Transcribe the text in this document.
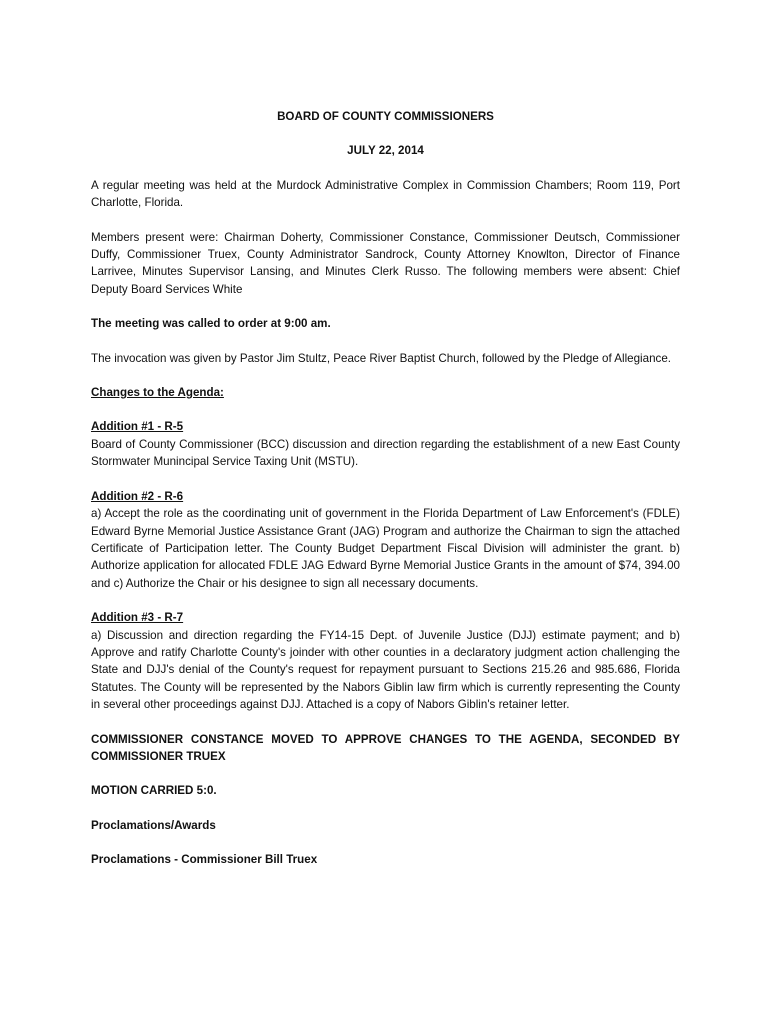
BOARD OF COUNTY COMMISSIONERS
JULY 22, 2014

A regular meeting was held at the Murdock Administrative Complex in Commission Chambers; Room 119, Port Charlotte, Florida.

Members present were: Chairman Doherty, Commissioner Constance, Commissioner Deutsch, Commissioner Duffy, Commissioner Truex, County Administrator Sandrock, County Attorney Knowlton, Director of Finance Larrivee, Minutes Supervisor Lansing, and Minutes Clerk Russo. The following members were absent: Chief Deputy Board Services White

The meeting was called to order at 9:00 am.

The invocation was given by Pastor Jim Stultz, Peace River Baptist Church, followed by the Pledge of Allegiance.

Changes to the Agenda:

Addition #1 - R-5
Board of County Commissioner (BCC) discussion and direction regarding the establishment of a new East County Stormwater Munincipal Service Taxing Unit (MSTU).
Addition #2 - R-6
a) Accept the role as the coordinating unit of government in the Florida Department of Law Enforcement's (FDLE) Edward Byrne Memorial Justice Assistance Grant (JAG) Program and authorize the Chairman to sign the attached Certificate of Participation letter. The County Budget Department Fiscal Division will administer the grant. b) Authorize application for allocated FDLE JAG Edward Byrne Memorial Justice Grants in the amount of $74, 394.00 and c) Authorize the Chair or his designee to sign all necessary documents.
Addition #3 - R-7
a) Discussion and direction regarding the FY14-15 Dept. of Juvenile Justice (DJJ) estimate payment; and b) Approve and ratify Charlotte County's joinder with other counties in a declaratory judgment action challenging the State and DJJ's denial of the County's request for repayment pursuant to Sections 215.26 and 985.686, Florida Statutes. The County will be represented by the Nabors Giblin law firm which is currently representing the County in several other proceedings against DJJ. Attached is a copy of Nabors Giblin's retainer letter.

COMMISSIONER CONSTANCE MOVED TO APPROVE CHANGES TO THE AGENDA, SECONDED BY COMMISSIONER TRUEX

MOTION CARRIED 5:0.

Proclamations/Awards

Proclamations - Commissioner Bill Truex
